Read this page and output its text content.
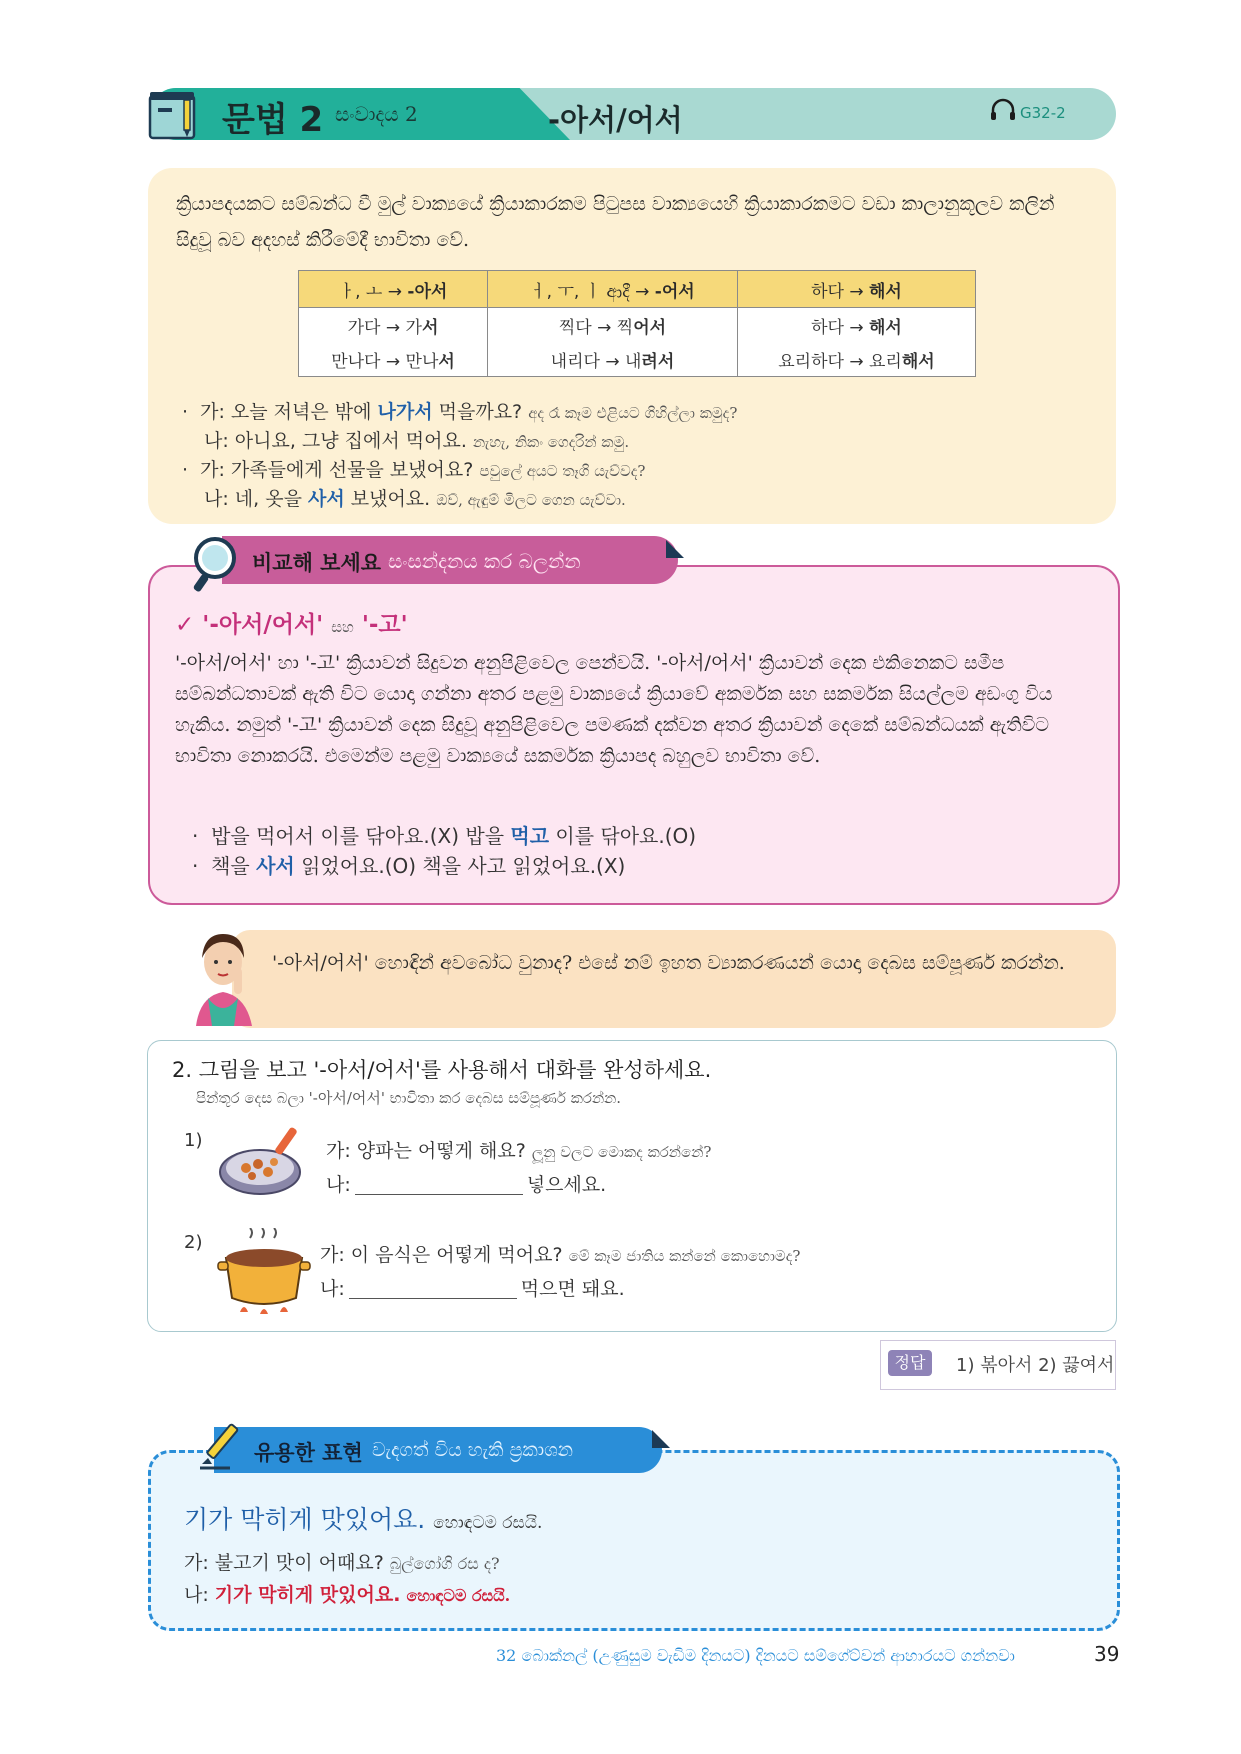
문법 2 සංවාදය 2	-아서/어서	G32-2
ක්‍රියාපදයකට සම්බන්ධ වී මුල් වාක්‍යයේ ක්‍රියාකාරකම පිටුපස වාක්‍යයෙහි ක්‍රියාකාරකමට වඩා කාලානුකූලව කලින් සිදුවූ බව අදහස් කිරීමේදී භාවිතා වේ.
ㅏ, ㅗ → -아서	ㅓ, ㅜ, ㅣ ආදී → -어서	하다 → 해서
가다 → 가서	찍다 → 찍어서	하다 → 해서
만나다 → 만나서	내리다 → 내려서	요리하다 → 요리해서
·  가: 오늘 저녁은 밖에 나가서 먹을까요? අද රෑ කෑම එළියට ගිහිල්ලා කමුද?
나: 아니요, 그냥 집에서 먹어요. නැහැ, නිකං ගෙදරින් කමු.
·  가: 가족들에게 선물을 보냈어요? පවුලේ අයට තෑගි යැව්වද?
나: 네, 옷을 사서 보냈어요. ඔව්, ඇඳුම් මිලට ගෙන යැව්වා.
비교해 보세요 සංසන්දනය කර බලන්න
✓ '-아서/어서' සහ '-고'
'-아서/어서' හා '-고' ක්‍රියාවන් සිදුවන අනුපිළිවෙල පෙන්වයි. '-아서/어서' ක්‍රියාවන් දෙක එකිනෙකට සමීප සම්බන්ධතාවක් ඇති විට යොදා ගන්නා අතර පළමු වාක්‍යයේ ක්‍රියාවේ අකර්මක සහ සකර්මක සියල්ලම අඩංගු විය හැකිය. නමුත් '-고' ක්‍රියාවන් දෙක සිදුවූ අනුපිළිවෙල පමණක් දක්වන අතර ක්‍රියාවන් දෙකේ සම්බන්ධයක් ඇතිවිට භාවිතා නොකරයි. එමෙන්ම පළමු වාක්‍යයේ සකර්මක ක්‍රියාපද බහුලව භාවිතා වේ.
·  밥을 먹어서 이를 닦아요.(X) 밥을 먹고 이를 닦아요.(O)
·  책을 사서 읽었어요.(O) 책을 사고 읽었어요.(X)
'-아서/어서' හොඳින් අවබෝධ වුනාද? එසේ නම් ඉහත ව්‍යාකරණයන් යොදා දෙබස සම්පූර්ණ කරන්න.
2. 그림을 보고 '-아서/어서'를 사용해서 대화를 완성하세요.
පින්තූර දෙස බලා '-아서/어서' භාවිතා කර දෙබස සම්පූර්ණ කරන්න.
1)	가: 양파는 어떻게 해요? ලූනු වලට මොකද කරන්නේ?
나:	넣으세요.
2)
가: 이 음식은 어떻게 먹어요? මේ කෑම ජාතිය කන්නේ කොහොමද?
나:	먹으면 돼요.
정답	1) 볶아서 2) 끓여서
유용한 표현 වැදගත් විය හැකි ප්‍රකාශන
기가 막히게 맛있어요. හොඳටම රසයි.
가: 불고기 맛이 어때요? බුල්ගෝගි රස ද?
나: 기가 막히게 맛있어요. හොඳටම රසයි.
32 බොක්නල් (උණුසුම වැඩිම දිනයට) දිනයට සම්ගේට්වන් ආහාරයට ගන්නවා	39
